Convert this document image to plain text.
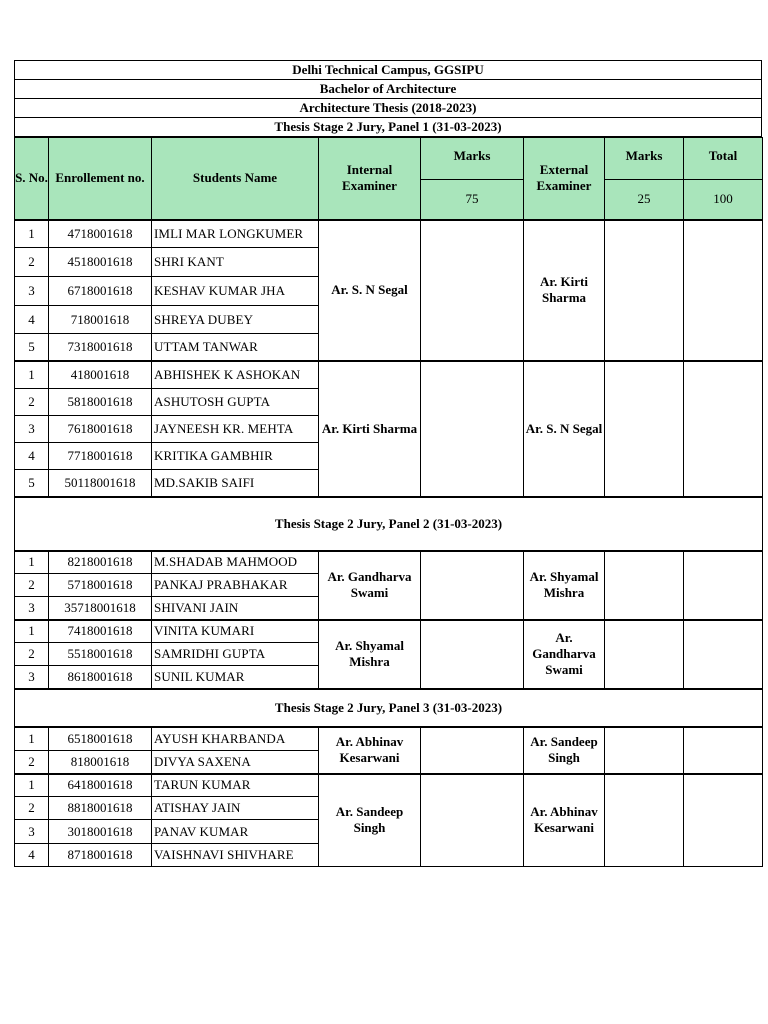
Delhi Technical Campus, GGSIPU
Bachelor of Architecture
Architecture Thesis (2018-2023)
Thesis Stage 2 Jury, Panel 1 (31-03-2023)
S. No.	Enrollement no.	Students Name	Internal Examiner	Marks	External Examiner	Marks	Total
				75		25	100
1	4718001618	IMLI MAR LONGKUMER	Ar. S. N Segal		Ar. Kirti Sharma		
2	4518001618	SHRI KANT					
3	6718001618	KESHAV KUMAR JHA					
4	718001618	SHREYA DUBEY					
5	7318001618	UTTAM TANWAR					
1	418001618	ABHISHEK K ASHOKAN	Ar. Kirti Sharma		Ar. S. N Segal		
2	5818001618	ASHUTOSH GUPTA					
3	7618001618	JAYNEESH KR. MEHTA					
4	7718001618	KRITIKA GAMBHIR					
5	50118001618	MD.SAKIB SAIFI					
Thesis Stage 2 Jury, Panel 2 (31-03-2023)							
1	8218001618	M.SHADAB MAHMOOD	Ar. Gandharva Swami		Ar. Shyamal Mishra		
2	5718001618	PANKAJ PRABHAKAR					
3	35718001618	SHIVANI JAIN					
1	7418001618	VINITA KUMARI	Ar. Shyamal Mishra		Ar. Gandharva Swami		
2	5518001618	SAMRIDHI GUPTA					
3	8618001618	SUNIL KUMAR					
Thesis Stage 2 Jury, Panel 3 (31-03-2023)							
1	6518001618	AYUSH KHARBANDA	Ar. Abhinav Kesarwani		Ar. Sandeep Singh		
2	818001618	DIVYA SAXENA					
1	6418001618	TARUN KUMAR	Ar. Sandeep Singh		Ar. Abhinav Kesarwani		
2	8818001618	ATISHAY JAIN					
3	3018001618	PANAV KUMAR					
4	8718001618	VAISHNAVI SHIVHARE					
